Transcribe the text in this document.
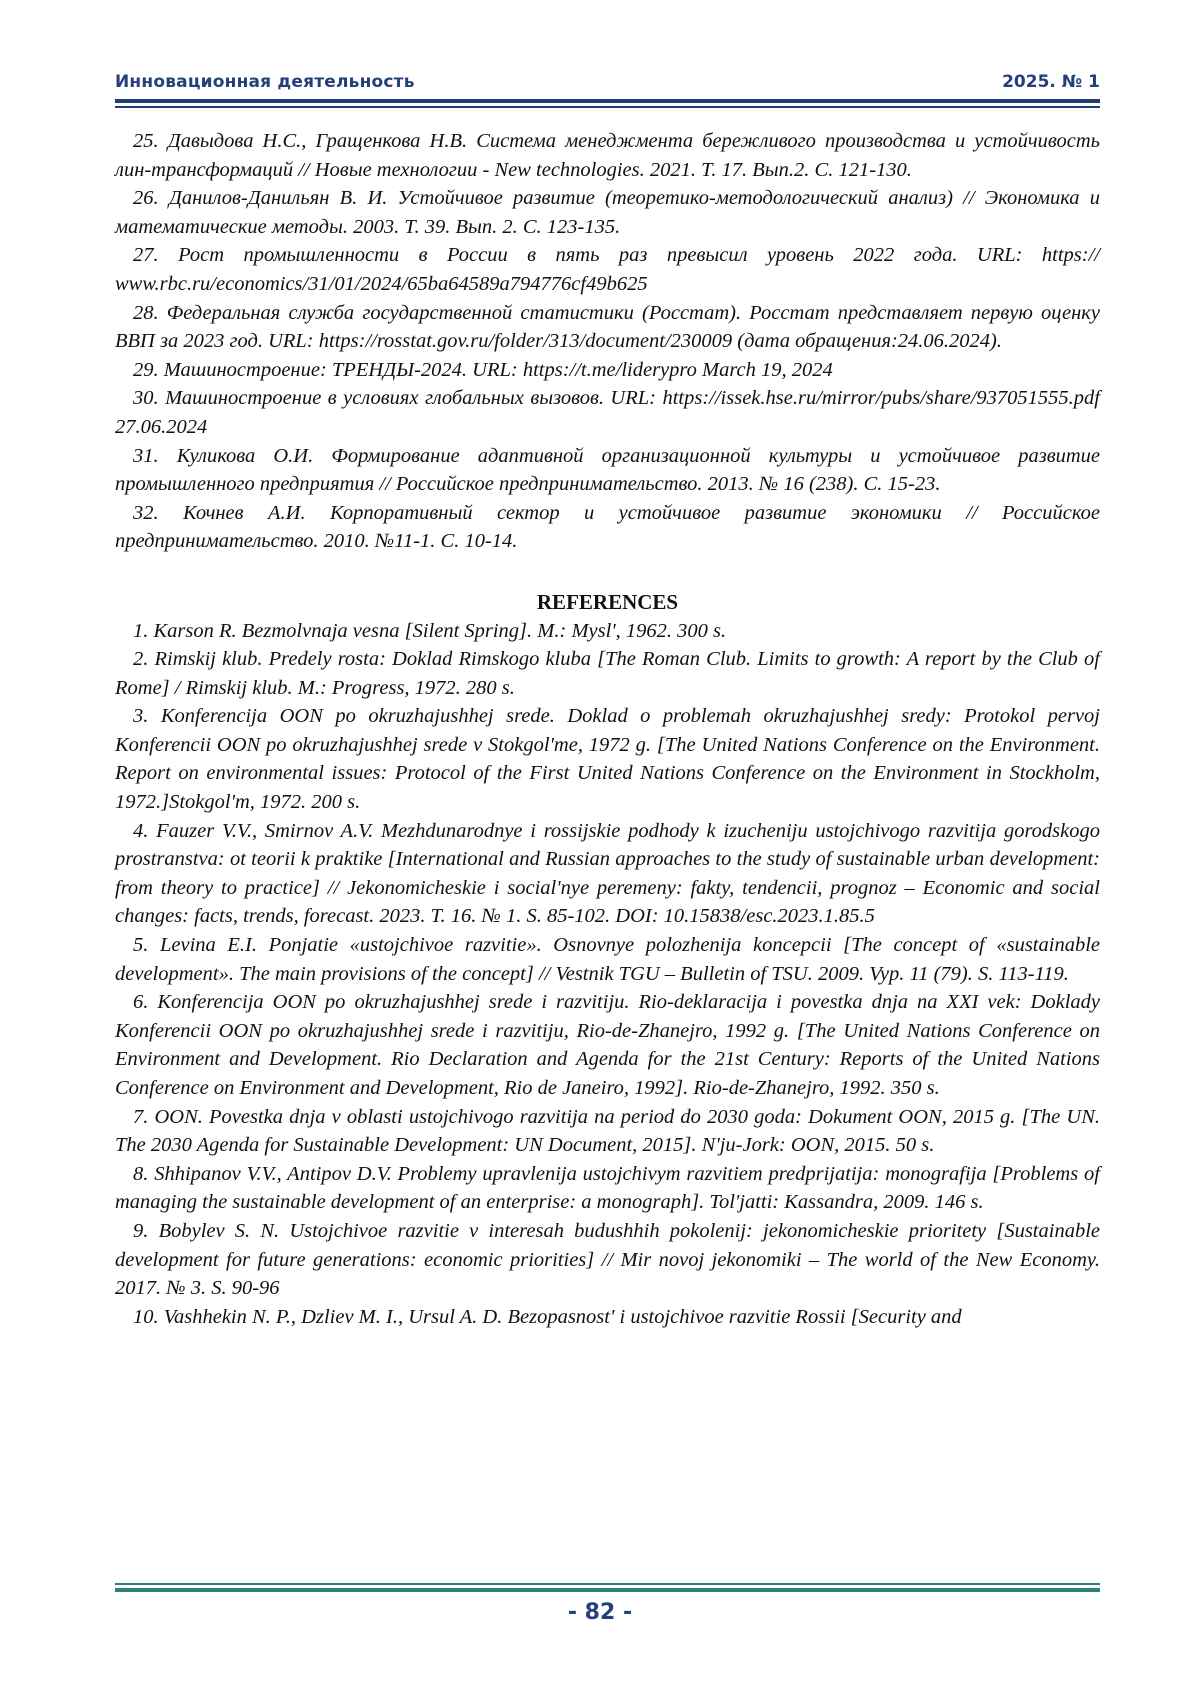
Инновационная деятельность	2025. № 1

25. Давыдова Н.С., Гращенкова Н.В. Система менеджмента бережливого производства и устойчивость лин-трансформаций // Новые технологии - New technologies. 2021. Т. 17. Вып.2. С. 121-130.

26. Данилов-Данильян В. И. Устойчивое развитие (теоретико-методологический анализ) // Экономика и математические методы. 2003. Т. 39. Вып. 2. С. 123-135.

27. Рост промышленности в России в пять раз превысил уровень 2022 года. URL: https:// www.rbc.ru/economics/31/01/2024/65ba64589a794776cf49b625

28. Федеральная служба государственной статистики (Росстат). Росстат представляет первую оценку ВВП за 2023 год. URL: https://rosstat.gov.ru/folder/313/document/230009 (дата обращения:24.06.2024).

29. Машиностроение: ТРЕНДЫ-2024. URL: https://t.me/liderypro March 19, 2024

30. Машиностроение в условиях глобальных вызовов. URL: https://issek.hse.ru/mirror/pubs/share/937051555.pdf 27.06.2024

31. Куликова О.И. Формирование адаптивной организационной культуры и устойчивое развитие промышленного предприятия // Российское предпринимательство. 2013. № 16 (238). С. 15-23.

32. Кочнев А.И. Корпоративный сектор и устойчивое развитие экономики // Российское предпринимательство. 2010. №11-1. С. 10-14.

REFERENCES

1. Karson R. Bezmolvnaja vesna [Silent Spring]. M.: Mysl', 1962. 300 s.

2. Rimskij klub. Predely rosta: Doklad Rimskogo kluba [The Roman Club. Limits to growth: A report by the Club of Rome] / Rimskij klub. M.: Progress, 1972. 280 s.

3. Konferencija OON po okruzhajushhej srede. Doklad o problemah okruzhajushhej sredy: Protokol pervoj Konferencii OON po okruzhajushhej srede v Stokgol'me, 1972 g. [The United Nations Conference on the Environment. Report on environmental issues: Protocol of the First United Nations Conference on the Environment in Stockholm, 1972.]Stokgol'm, 1972. 200 s.

4. Fauzer V.V., Smirnov A.V. Mezhdunarodnye i rossijskie podhody k izucheniju ustojchivogo razvitija gorodskogo prostranstva: ot teorii k praktike [International and Russian approaches to the study of sustainable urban development: from theory to practice] // Jekonomicheskie i social'nye peremeny: fakty, tendencii, prognoz – Economic and social changes: facts, trends, forecast. 2023. T. 16. № 1. S. 85-102. DOI: 10.15838/esc.2023.1.85.5

5. Levina E.I. Ponjatie «ustojchivoe razvitie». Osnovnye polozhenija koncepcii [The concept of «sustainable development». The main provisions of the concept] // Vestnik TGU – Bulletin of TSU. 2009. Vyp. 11 (79). S. 113-119.

6. Konferencija OON po okruzhajushhej srede i razvitiju. Rio-deklaracija i povestka dnja na XXI vek: Doklady Konferencii OON po okruzhajushhej srede i razvitiju, Rio-de-Zhanejro, 1992 g. [The United Nations Conference on Environment and Development. Rio Declaration and Agenda for the 21st Century: Reports of the United Nations Conference on Environment and Development, Rio de Janeiro, 1992]. Rio-de-Zhanejro, 1992. 350 s.

7. OON. Povestka dnja v oblasti ustojchivogo razvitija na period do 2030 goda: Dokument OON, 2015 g. [The UN. The 2030 Agenda for Sustainable Development: UN Document, 2015]. N'ju-Jork: OON, 2015. 50 s.

8. Shhipanov V.V., Antipov D.V. Problemy upravlenija ustojchivym razvitiem predprijatija: monografija [Problems of managing the sustainable development of an enterprise: a monograph]. Tol'jatti: Kassandra, 2009. 146 s.

9. Bobylev S. N. Ustojchivoe razvitie v interesah budushhih pokolenij: jekonomicheskie prioritety [Sustainable development for future generations: economic priorities] // Mir novoj jekonomiki – The world of the New Economy. 2017. № 3. S. 90-96

10. Vashhekin N. P., Dzliev M. I., Ursul A. D. Bezopasnost' i ustojchivoe razvitie Rossii [Security and

- 82 -
